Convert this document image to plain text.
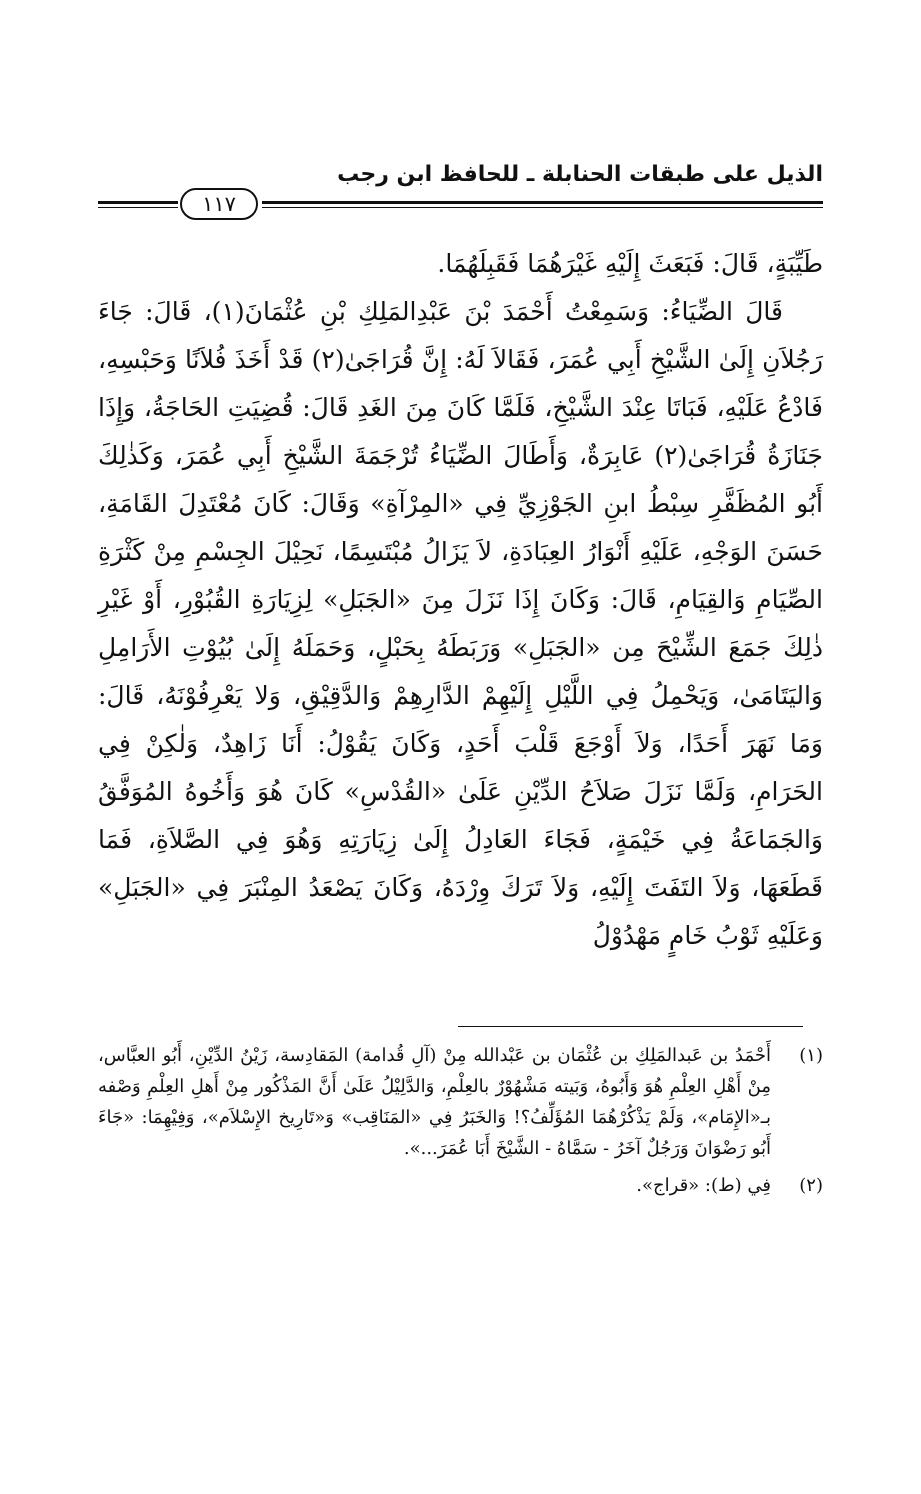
الذيل على طبقات الحنابلة ـ للحافظ ابن رجب
١١٧

طَيِّبَةٍ، قَالَ: فَبَعَثَ إِلَيْهِ غَيْرَهُمَا فَقَبِلَهُمَا.

قَالَ الضِّيَاءُ: وَسَمِعْتُ أَحْمَدَ بْنَ عَبْدِالمَلِكِ بْنِ عُثْمَانَ(١)، قَالَ: جَاءَ رَجُلاَنِ إِلَىٰ الشَّيْخِ أَبِي عُمَرَ، فَقَالاَ لَهُ: إِنَّ قُرَاجَىٰ(٢) قَدْ أَخَذَ فُلاَنًا وَحَبْسِهِ، فَادْعُ عَلَيْهِ، فَبَاتَا عِنْدَ الشَّيْخِ، فَلَمَّا كَانَ مِنَ الغَدِ قَالَ: قُضِيَتِ الحَاجَةُ، وَإِذَا جَنَازَةُ قُرَاجَىٰ(٢) عَابِرَةٌ، وَأَطَالَ الضِّيَاءُ تُرْجَمَةَ الشَّيْخِ أَبِي عُمَرَ، وَكَذٰلِكَ أَبُو المُظَفَّرِ سِبْطُ ابنِ الجَوْزِيِّ فِي «المِرْآةِ» وَقَالَ: كَانَ مُعْتَدِلَ القَامَةِ، حَسَنَ الوَجْهِ، عَلَيْهِ أَنْوَارُ العِبَادَةِ، لاَ يَزَالُ مُبْتَسِمًا، نَحِيْلَ الجِسْمِ مِنْ كَثْرَةِ الصِّيَامِ وَالقِيَامِ، قَالَ: وَكَانَ إِذَا نَزَلَ مِنَ «الجَبَلِ» لِزِيَارَةِ القُبُوْرِ، أَوْ غَيْرِ ذٰلِكَ جَمَعَ الشِّيْحَ مِن «الجَبَلِ» وَرَبَطَهُ بِحَبْلٍ، وَحَمَلَهُ إِلَىٰ بُيُوْتِ الأَرَامِلِ وَاليَتَامَىٰ، وَيَحْمِلُ فِي اللَّيْلِ إِلَيْهِمْ الدَّارِهِمْ وَالدَّقِيْقِ، وَلا يَعْرِفُوْنَهُ، قَالَ: وَمَا نَهَرَ أَحَدًا، وَلاَ أَوْجَعَ قَلْبَ أَحَدٍ، وَكَانَ يَقُوْلُ: أَنَا زَاهِدٌ، وَلٰكِنْ فِي الحَرَامِ، وَلَمَّا نَزَلَ صَلاَحُ الدِّيْنِ عَلَىٰ «القُدْسِ» كَانَ هُوَ وَأَخُوهُ المُوَفَّقُ وَالجَمَاعَةُ فِي خَيْمَةٍ، فَجَاءَ العَادِلُ إِلَىٰ زِيَارَتِهِ وَهُوَ فِي الصَّلاَةِ، فَمَا قَطَعَهَا، وَلاَ التَفَتَ إِلَيْهِ، وَلاَ تَرَكَ وِرْدَهُ، وَكَانَ يَصْعَدُ المِنْبَرَ فِي «الجَبَلِ» وَعَلَيْهِ ثَوْبُ خَامٍ مَهْدُوْلُ

(١)
أَحْمَدُ بن عَبدالمَلِكِ بن عُثْمَان بن عَبْدالله مِنْ (آلِ قُدامة) المَقادِسة، زَيْنُ الدِّيْنِ، أَبُو العبَّاس، مِنْ أَهْلِ العِلْمِ هُوَ وَأَبُوهُ، وَبَيته مَشْهُوْرٌ بالعِلْمِ، وَالدَّلِيْلُ عَلَىٰ أَنَّ المَذْكُور مِنْ أَهلِ العِلْمِ وَصْفه بـ«الإِمَام»، وَلَمْ يَذْكُرْهُمَا المُؤَلِّفُ؟! وَالخَبَرُ فِي «المَنَاقِب» وَ«تَارِيخ الإِسْلاَم»، وَفِيْهِمَا: «جَاءَ أَبُو رَضْوَانَ وَرَجُلٌ آخَرُ - سَمَّاهُ - الشَّيْخَ أَبَا عُمَرَ...».
(٢)
فِي (ط): «قراج».
